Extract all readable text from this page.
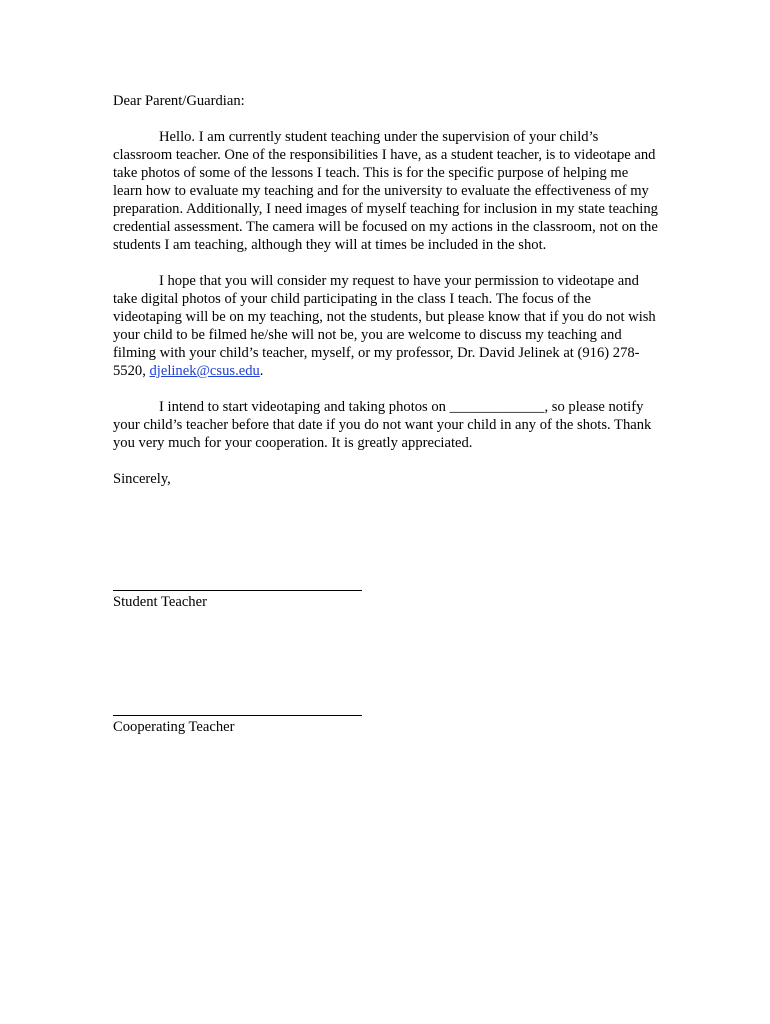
Dear Parent/Guardian:

Hello. I am currently student teaching under the supervision of your child’s classroom teacher. One of the responsibilities I have, as a student teacher, is to videotape and take photos of some of the lessons I teach. This is for the specific purpose of helping me learn how to evaluate my teaching and for the university to evaluate the effectiveness of my preparation. Additionally, I need images of myself teaching for inclusion in my state teaching credential assessment. The camera will be focused on my actions in the classroom, not on the students I am teaching, although they will at times be included in the shot.

I hope that you will consider my request to have your permission to videotape and take digital photos of your child participating in the class I teach. The focus of the videotaping will be on my teaching, not the students, but please know that if you do not wish your child to be filmed he/she will not be, you are welcome to discuss my teaching and filming with your child’s teacher, myself, or my professor, Dr. David Jelinek at (916) 278-5520, djelinek@csus.edu.

I intend to start videotaping and taking photos on _____________, so please notify your child’s teacher before that date if you do not want your child in any of the shots. Thank you very much for your cooperation. It is greatly appreciated.

Sincerely,

Student Teacher
Cooperating Teacher
